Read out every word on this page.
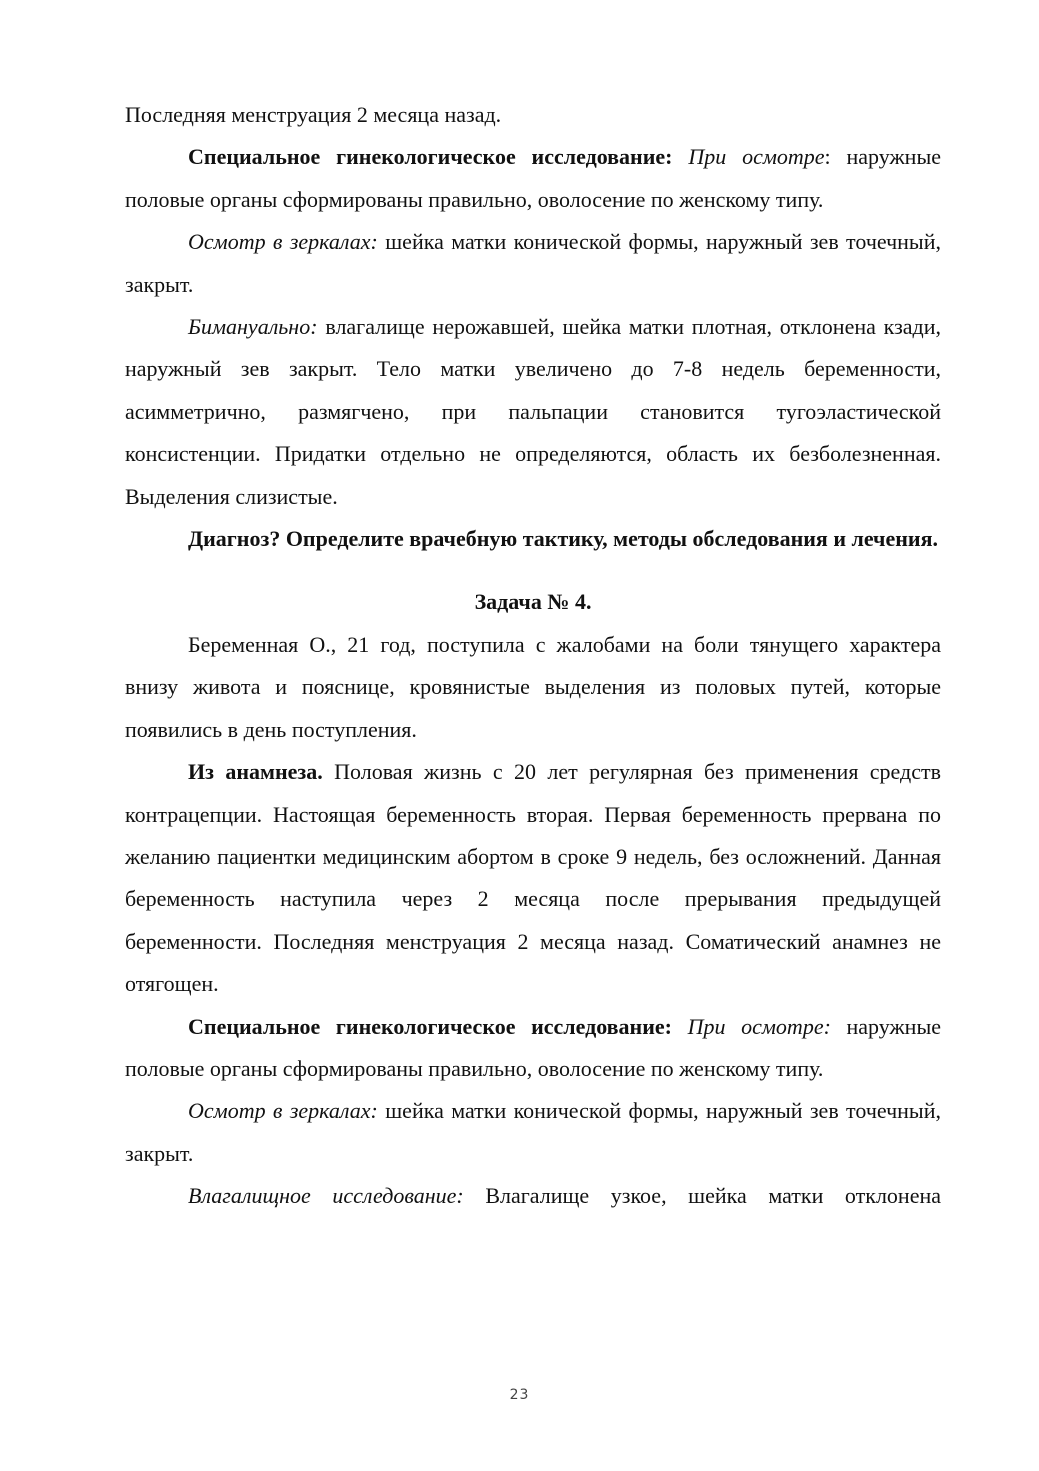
Последняя менструация 2 месяца назад.

Специальное гинекологическое исследование: При осмотре: наружные половые органы сформированы правильно, оволосение по женскому типу.

Осмотр в зеркалах: шейка матки конической формы, наружный зев точечный, закрыт.

Бимануально: влагалище нерожавшей, шейка матки плотная, отклонена кзади, наружный зев закрыт. Тело матки увеличено до 7-8 недель беременности, асимметрично, размягчено, при пальпации становится тугоэластической консистенции. Придатки отдельно не определяются, область их безболезненная. Выделения слизистые.

Диагноз? Определите врачебную тактику, методы обследования и лечения.

Задача № 4.

Беременная О., 21 год, поступила с жалобами на боли тянущего характера внизу живота и пояснице, кровянистые выделения из половых путей, которые появились в день поступления.

Из анамнеза. Половая жизнь с 20 лет регулярная без применения средств контрацепции. Настоящая беременность вторая. Первая беременность прервана по желанию пациентки медицинским абортом в сроке 9 недель, без осложнений. Данная беременность наступила через 2 месяца после прерывания предыдущей беременности. Последняя менструация 2 месяца назад. Соматический анамнез не отягощен.

Специальное гинекологическое исследование: При осмотре: наружные половые органы сформированы правильно, оволосение по женскому типу.

Осмотр в зеркалах: шейка матки конической формы, наружный зев точечный, закрыт.

Влагалищное исследование: Влагалище узкое, шейка матки отклонена

23
